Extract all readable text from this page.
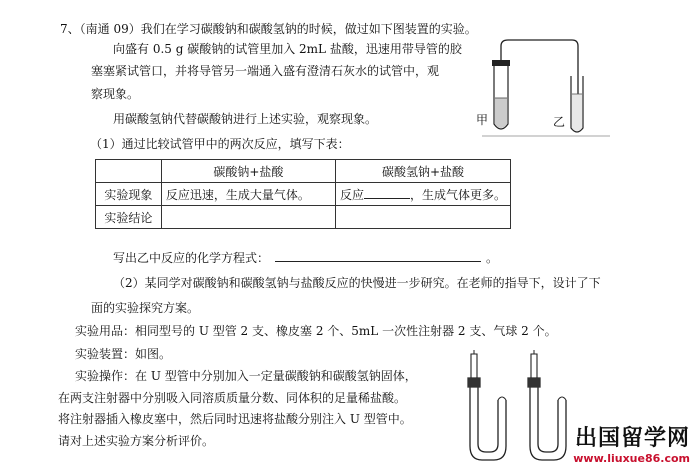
7、（南通 09）我们在学习碳酸钠和碳酸氢钠的时候，做过如下图装置的实验。
向盛有 0.5 g 碳酸钠的试管里加入 2mL 盐酸，迅速用带导管的胶
塞塞紧试管口，并将导管另一端通入盛有澄清石灰水的试管中，观
察现象。
用碳酸氢钠代替碳酸钠进行上述实验，观察现象。
（1）通过比较试管甲中的两次反应，填写下表：
甲	乙
	碳酸钠+盐酸	碳酸氢钠+盐酸
实验现象	反应迅速，生成大量气体。	反应 ，生成气体更多。
实验结论		
写出乙中反应的化学方程式：	。
（2）某同学对碳酸钠和碳酸氢钠与盐酸反应的快慢进一步研究。在老师的指导下，设计了下
面的实验探究方案。
实验用品：相同型号的 U 型管 2 支、橡皮塞 2 个、5mL 一次性注射器 2 支、气球 2 个。
实验装置：如图。
实验操作：在 U 型管中分别加入一定量碳酸钠和碳酸氢钠固体，
在两支注射器中分别吸入同溶质质量分数、同体积的足量稀盐酸。
将注射器插入橡皮塞中，然后同时迅速将盐酸分别注入 U 型管中。
请对上述实验方案分析评价。	出国留学网
www.liuxue86.com
